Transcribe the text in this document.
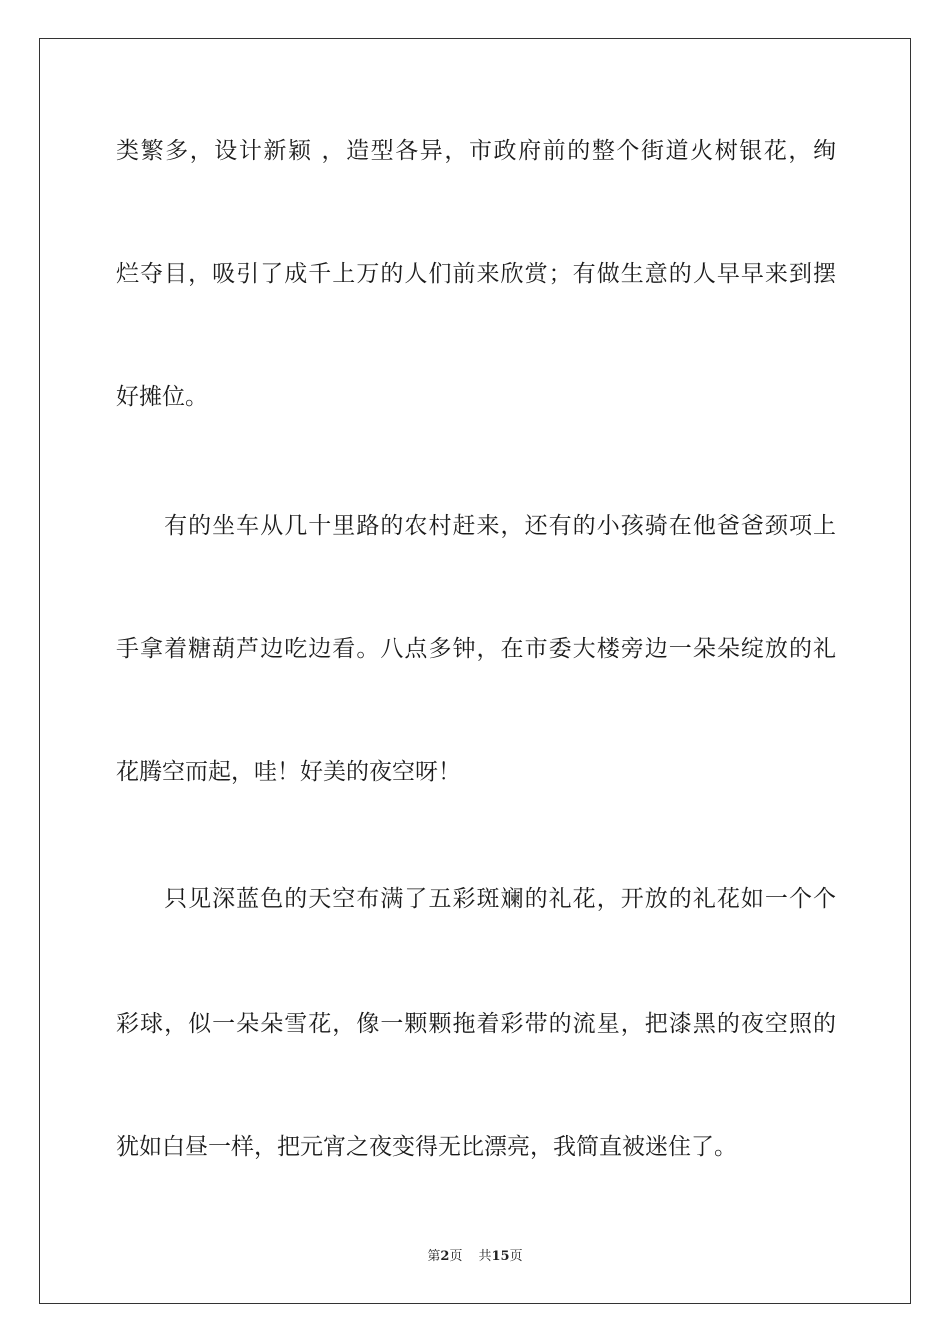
类繁多，设计新颖 ，造型各异，市政府前的整个街道火树银花，绚
烂夺目，吸引了成千上万的人们前来欣赏；有做生意的人早早来到摆
好摊位。
　　有的坐车从几十里路的农村赶来，还有的小孩骑在他爸爸颈项上
手拿着糖葫芦边吃边看。八点多钟，在市委大楼旁边一朵朵绽放的礼
花腾空而起，哇！好美的夜空呀！
　　只见深蓝色的天空布满了五彩斑斓的礼花，开放的礼花如一个个
彩球，似一朵朵雪花，像一颗颗拖着彩带的流星，把漆黑的夜空照的
犹如白昼一样，把元宵之夜变得无比漂亮，我简直被迷住了。
第2页 共15页
